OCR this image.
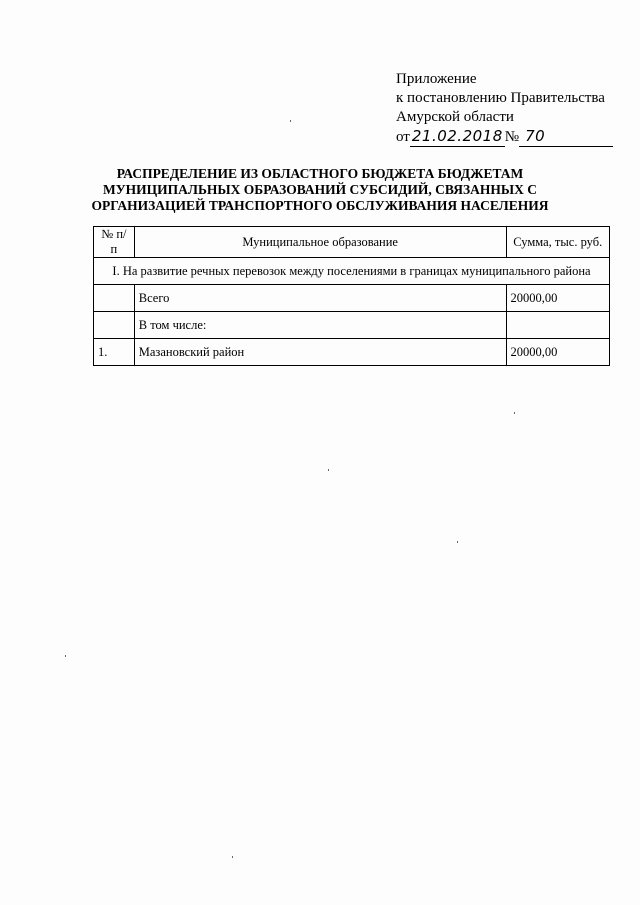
Приложение
к постановлению Правительства
Амурской области
от 21.02.2018 № 70
РАСПРЕДЕЛЕНИЕ ИЗ ОБЛАСТНОГО БЮДЖЕТА БЮДЖЕТАМ
МУНИЦИПАЛЬНЫХ ОБРАЗОВАНИЙ СУБСИДИЙ, СВЯЗАННЫХ С
ОРГАНИЗАЦИЕЙ ТРАНСПОРТНОГО ОБСЛУЖИВАНИЯ НАСЕЛЕНИЯ
№ п/п	Муниципальное образование	Сумма, тыс. руб.
I. На развитие речных перевозок между поселениями в границах муниципального района		
	Всего	20000,00
	В том числе:	
1.	Мазановский район	20000,00
